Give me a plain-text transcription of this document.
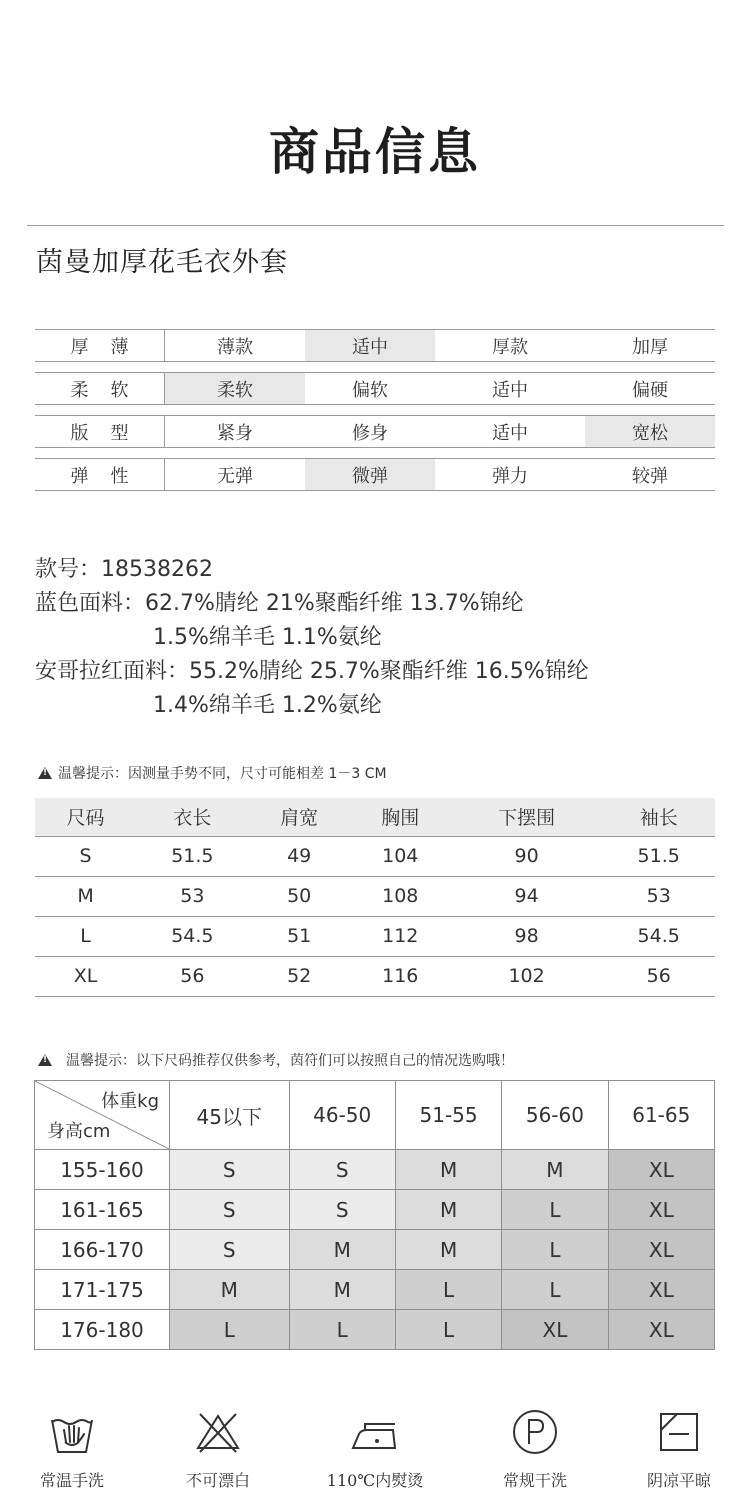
商品信息
茵曼加厚花毛衣外套
厚薄	薄款	适中	厚款	加厚
柔软	柔软	偏软	适中	偏硬
版型	紧身	修身	适中	宽松
弹性	无弹	微弹	弹力	较弹
款号：18538262
蓝色面料：62.7%腈纶 21%聚酯纤维 13.7%锦纶
1.5%绵羊毛 1.1%氨纶
安哥拉红面料：55.2%腈纶 25.7%聚酯纤维 16.5%锦纶
1.4%绵羊毛 1.2%氨纶
!
温馨提示：因测量手势不同，尺寸可能相差 1－3 CM
尺码	衣长	肩宽	胸围	下摆围	袖长
S	51.5	49	104	90	51.5
M	53	50	108	94	53
L	54.5	51	112	98	54.5
XL	56	52	116	102	56
!
温馨提示：以下尺码推荐仅供参考，茵符们可以按照自己的情况选购哦！
体重kg
身高cm	45以下	46-50	51-55	56-60	61-65
155-160	S	S	M	M	XL
161-165	S	S	M	L	XL
166-170	S	M	M	L	XL
171-175	M	M	L	L	XL
176-180	L	L	L	XL	XL
常温手洗	不可漂白	110℃内熨烫	常规干洗	阴凉平晾
